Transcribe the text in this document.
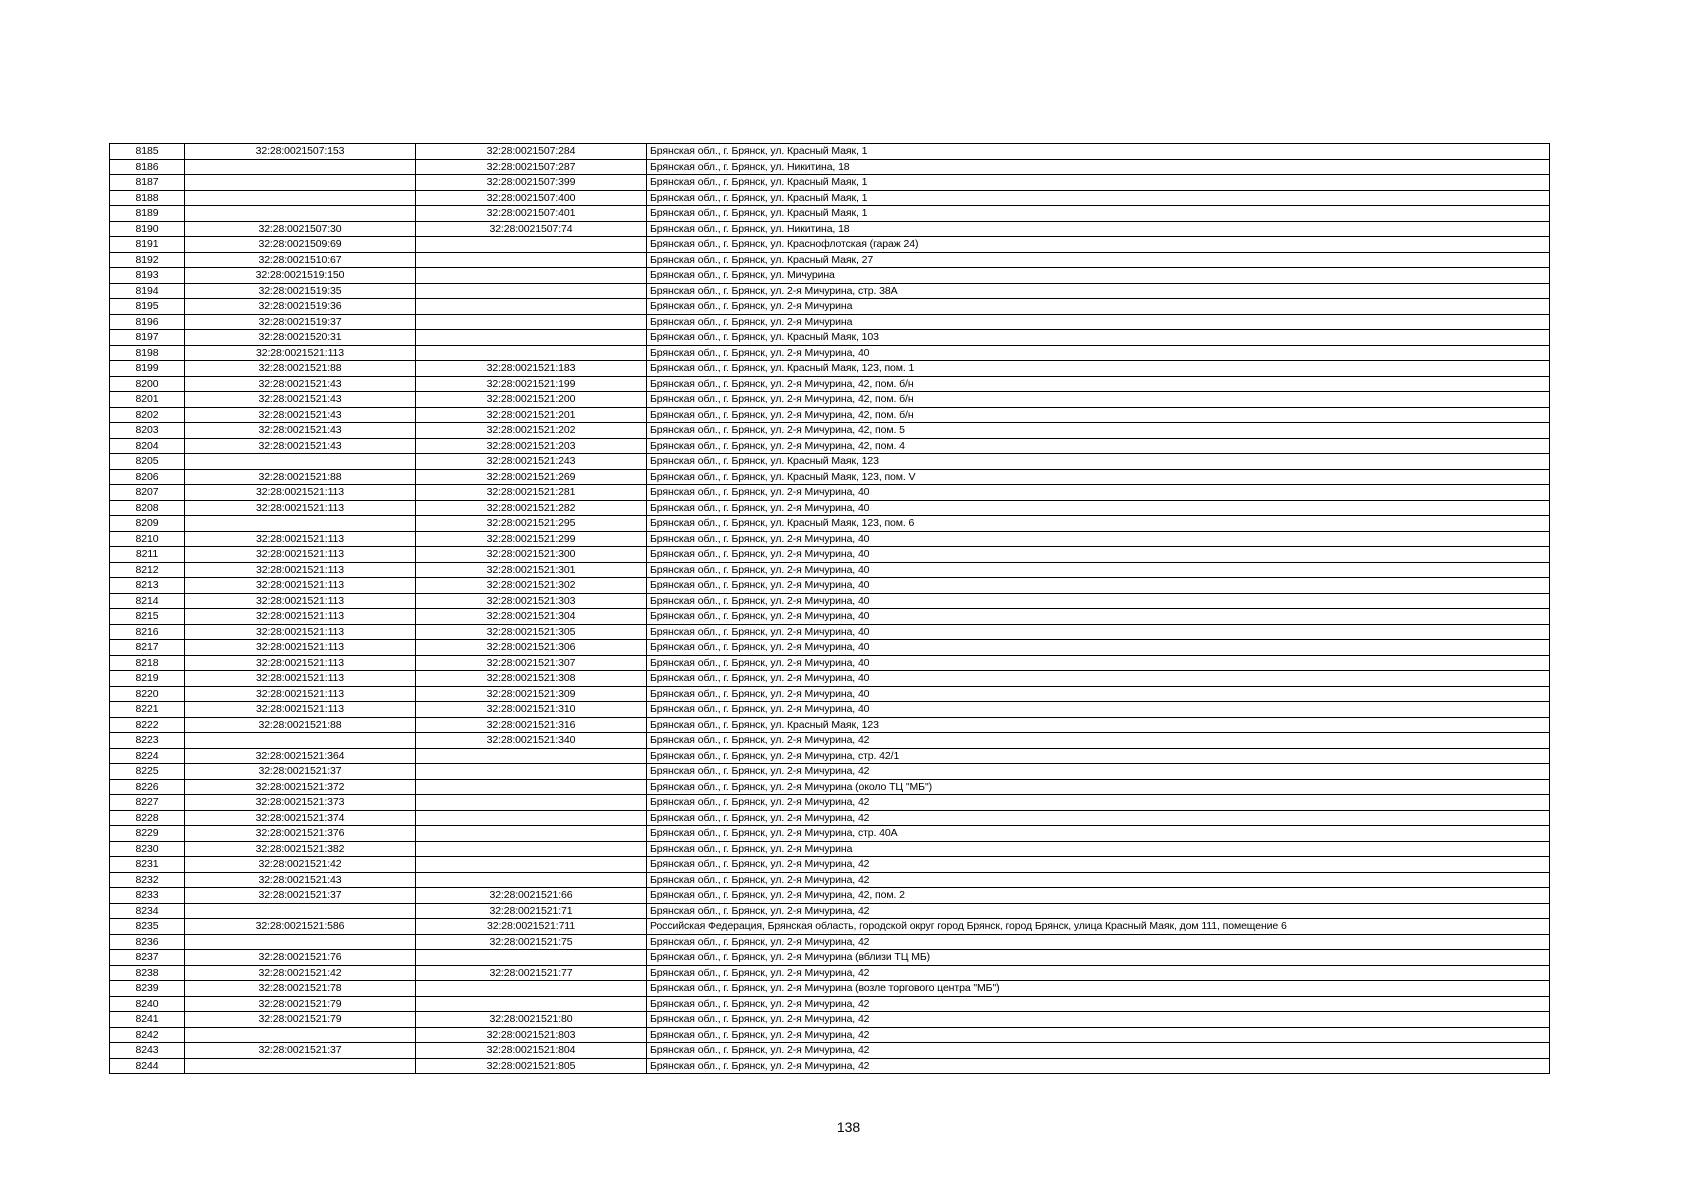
8185	32:28:0021507:153	32:28:0021507:284	Брянская обл., г. Брянск, ул. Красный Маяк, 1
8186		32:28:0021507:287	Брянская обл., г. Брянск, ул. Никитина, 18
8187		32:28:0021507:399	Брянская обл., г. Брянск, ул. Красный Маяк, 1
8188		32:28:0021507:400	Брянская обл., г. Брянск, ул. Красный Маяк, 1
8189		32:28:0021507:401	Брянская обл., г. Брянск, ул. Красный Маяк, 1
8190	32:28:0021507:30	32:28:0021507:74	Брянская обл., г. Брянск, ул. Никитина, 18
8191	32:28:0021509:69		Брянская обл., г. Брянск, ул. Краснофлотская (гараж 24)
8192	32:28:0021510:67		Брянская обл., г. Брянск, ул. Красный Маяк, 27
8193	32:28:0021519:150		Брянская обл., г. Брянск, ул. Мичурина
8194	32:28:0021519:35		Брянская обл., г. Брянск, ул. 2-я Мичурина, стр. 38А
8195	32:28:0021519:36		Брянская обл., г. Брянск, ул. 2-я Мичурина
8196	32:28:0021519:37		Брянская обл., г. Брянск, ул. 2-я Мичурина
8197	32:28:0021520:31		Брянская обл., г. Брянск, ул. Красный Маяк, 103
8198	32:28:0021521:113		Брянская обл., г. Брянск, ул. 2-я Мичурина, 40
8199	32:28:0021521:88	32:28:0021521:183	Брянская обл., г. Брянск, ул. Красный Маяк, 123, пом. 1
8200	32:28:0021521:43	32:28:0021521:199	Брянская обл., г. Брянск, ул. 2-я Мичурина, 42, пом. б/н
8201	32:28:0021521:43	32:28:0021521:200	Брянская обл., г. Брянск, ул. 2-я Мичурина, 42, пом. б/н
8202	32:28:0021521:43	32:28:0021521:201	Брянская обл., г. Брянск, ул. 2-я Мичурина, 42, пом. б/н
8203	32:28:0021521:43	32:28:0021521:202	Брянская обл., г. Брянск, ул. 2-я Мичурина, 42, пом. 5
8204	32:28:0021521:43	32:28:0021521:203	Брянская обл., г. Брянск, ул. 2-я Мичурина, 42, пом. 4
8205		32:28:0021521:243	Брянская обл., г. Брянск, ул. Красный Маяк, 123
8206	32:28:0021521:88	32:28:0021521:269	Брянская обл., г. Брянск, ул. Красный Маяк, 123, пом. V
8207	32:28:0021521:113	32:28:0021521:281	Брянская обл., г. Брянск, ул. 2-я Мичурина, 40
8208	32:28:0021521:113	32:28:0021521:282	Брянская обл., г. Брянск, ул. 2-я Мичурина, 40
8209		32:28:0021521:295	Брянская обл., г. Брянск, ул. Красный Маяк, 123, пом. 6
8210	32:28:0021521:113	32:28:0021521:299	Брянская обл., г. Брянск, ул. 2-я Мичурина, 40
8211	32:28:0021521:113	32:28:0021521:300	Брянская обл., г. Брянск, ул. 2-я Мичурина, 40
8212	32:28:0021521:113	32:28:0021521:301	Брянская обл., г. Брянск, ул. 2-я Мичурина, 40
8213	32:28:0021521:113	32:28:0021521:302	Брянская обл., г. Брянск, ул. 2-я Мичурина, 40
8214	32:28:0021521:113	32:28:0021521:303	Брянская обл., г. Брянск, ул. 2-я Мичурина, 40
8215	32:28:0021521:113	32:28:0021521:304	Брянская обл., г. Брянск, ул. 2-я Мичурина, 40
8216	32:28:0021521:113	32:28:0021521:305	Брянская обл., г. Брянск, ул. 2-я Мичурина, 40
8217	32:28:0021521:113	32:28:0021521:306	Брянская обл., г. Брянск, ул. 2-я Мичурина, 40
8218	32:28:0021521:113	32:28:0021521:307	Брянская обл., г. Брянск, ул. 2-я Мичурина, 40
8219	32:28:0021521:113	32:28:0021521:308	Брянская обл., г. Брянск, ул. 2-я Мичурина, 40
8220	32:28:0021521:113	32:28:0021521:309	Брянская обл., г. Брянск, ул. 2-я Мичурина, 40
8221	32:28:0021521:113	32:28:0021521:310	Брянская обл., г. Брянск, ул. 2-я Мичурина, 40
8222	32:28:0021521:88	32:28:0021521:316	Брянская обл., г. Брянск, ул. Красный Маяк, 123
8223		32:28:0021521:340	Брянская обл., г. Брянск, ул. 2-я Мичурина, 42
8224	32:28:0021521:364		Брянская обл., г. Брянск, ул. 2-я Мичурина, стр. 42/1
8225	32:28:0021521:37		Брянская обл., г. Брянск, ул. 2-я Мичурина, 42
8226	32:28:0021521:372		Брянская обл., г. Брянск, ул. 2-я Мичурина (около ТЦ "МБ")
8227	32:28:0021521:373		Брянская обл., г. Брянск, ул. 2-я Мичурина, 42
8228	32:28:0021521:374		Брянская обл., г. Брянск, ул. 2-я Мичурина, 42
8229	32:28:0021521:376		Брянская обл., г. Брянск, ул. 2-я Мичурина, стр. 40А
8230	32:28:0021521:382		Брянская обл., г. Брянск, ул. 2-я Мичурина
8231	32:28:0021521:42		Брянская обл., г. Брянск, ул. 2-я Мичурина, 42
8232	32:28:0021521:43		Брянская обл., г. Брянск, ул. 2-я Мичурина, 42
8233	32:28:0021521:37	32:28:0021521:66	Брянская обл., г. Брянск, ул. 2-я Мичурина, 42, пом. 2
8234		32:28:0021521:71	Брянская обл., г. Брянск, ул. 2-я Мичурина, 42
8235	32:28:0021521:586	32:28:0021521:711	Российская Федерация, Брянская область, городской округ город Брянск, город Брянск, улица Красный Маяк, дом 111, помещение 6
8236		32:28:0021521:75	Брянская обл., г. Брянск, ул. 2-я Мичурина, 42
8237	32:28:0021521:76		Брянская обл., г. Брянск, ул. 2-я Мичурина (вблизи ТЦ МБ)
8238	32:28:0021521:42	32:28:0021521:77	Брянская обл., г. Брянск, ул. 2-я Мичурина, 42
8239	32:28:0021521:78		Брянская обл., г. Брянск, ул. 2-я Мичурина (возле торгового центра "МБ")
8240	32:28:0021521:79		Брянская обл., г. Брянск, ул. 2-я Мичурина, 42
8241	32:28:0021521:79	32:28:0021521:80	Брянская обл., г. Брянск, ул. 2-я Мичурина, 42
8242		32:28:0021521:803	Брянская обл., г. Брянск, ул. 2-я Мичурина, 42
8243	32:28:0021521:37	32:28:0021521:804	Брянская обл., г. Брянск, ул. 2-я Мичурина, 42
8244		32:28:0021521:805	Брянская обл., г. Брянск, ул. 2-я Мичурина, 42
138
